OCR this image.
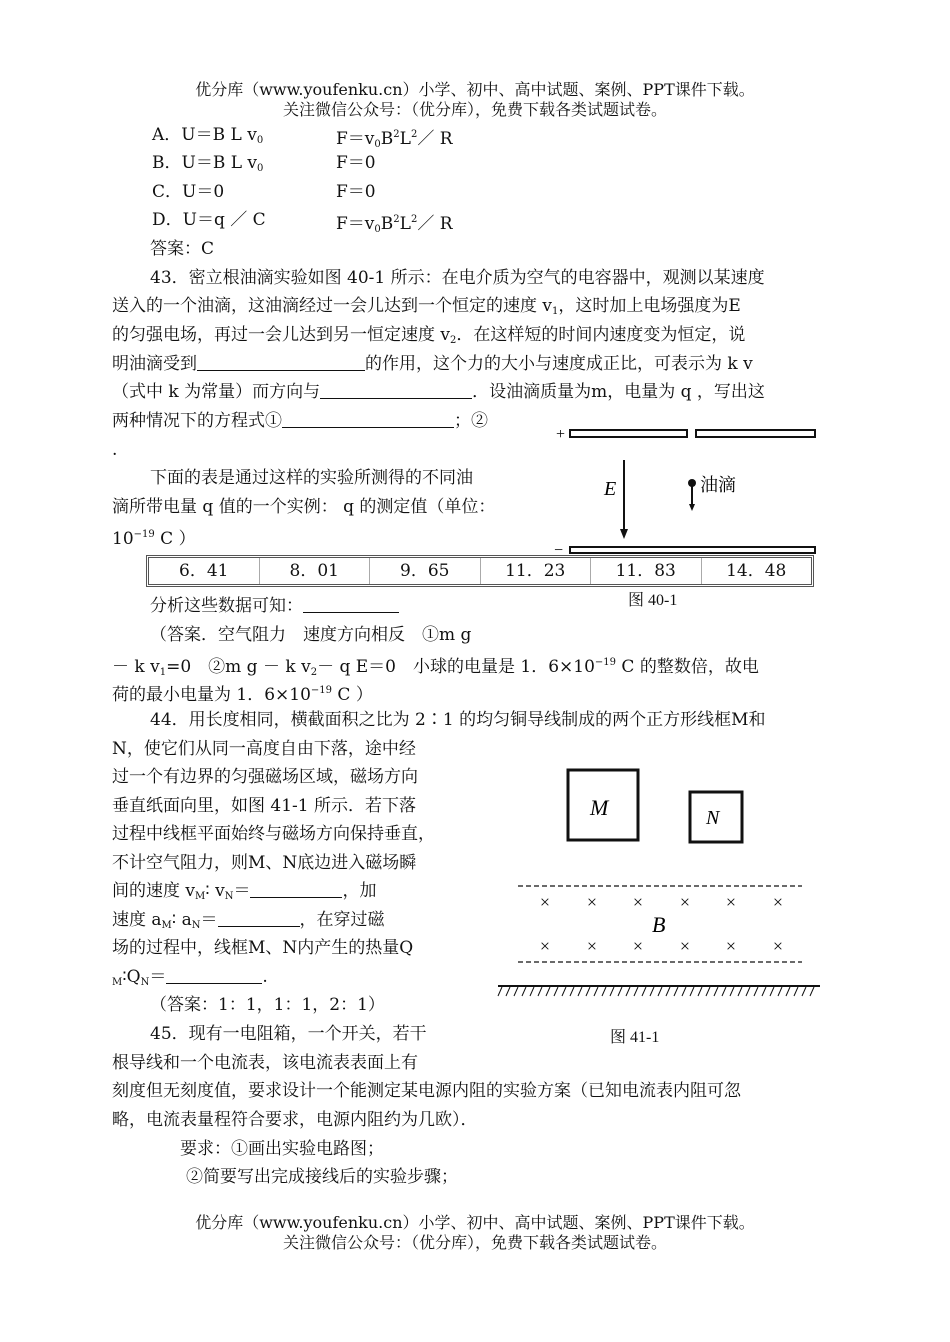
优分库（www.youfenku.cn）小学、初中、高中试题、案例、PPT课件下载。
关注微信公众号：（优分库），免费下载各类试题试卷。
A．U＝B L $v_0$	$F=v_0B^2L^2/$ R
B．U＝B L $v_0$	F＝0
C．U＝0	F＝0
D．U＝q ／ C	$F=v_0B^2L^2/$ R
答案：C
43．密立根油滴实验如图 40-1 所示：在电介质为空气的电容器中，观测以某速度
送入的一个油滴，这油滴经过一会儿达到一个恒定的速度 $v_1$，这时加上电场强度为E
的匀强电场，再过一会儿达到另一恒定速度 $v_2$．在这样短的时间内速度变为恒定，说
明油滴受到	的作用，这个力的大小与速度成正比，可表示为 k v
（式中 k 为常量）而方向与	．设油滴质量为m，电量为 q ，写出这
两种情况下的方程式①	；②
.
下面的表是通过这样的实验所测得的不同油
滴所带电量 q 值的一个实例： q 的测定值（单位：
$10^{-19}$ C ）
+
−
E	油滴
6．41	8．01	9．65	11．23	11．83	14．48
分析这些数据可知：	图 40-1
（答案．空气阻力　速度方向相反　①m g
－ k $v_1=0$　②m g － k $v_2- q$ E＝0　小球的电量是 1．$6\times 10^{-19}$ C 的整数倍，故电
荷的最小电量为 1．$6\times 10^{-19}$ C ）
44．用长度相同，横截面积之比为 2∶1 的均匀铜导线制成的两个正方形线框M和
N，使它们从同一高度自由下落，途中经
过一个有边界的匀强磁场区域，磁场方向
垂直纸面向里，如图 41-1 所示．若下落
过程中线框平面始终与磁场方向保持垂直，
不计空气阻力，则M、N底边进入磁场瞬
间的速度 $v_M∶$ $v_N=$	，加
速度 $a_M∶$ $a_N=$	，在穿过磁
场的过程中，线框M、N内产生的热量Q
$_M∶Q_N=$	.
（答案：1：1，1：1，2：1）
M	N
× × × × × ×
× × × × × ×
B
图 41-1
45．现有一电阻箱，一个开关，若干
根导线和一个电流表，该电流表表面上有
刻度但无刻度值，要求设计一个能测定某电源内阻的实验方案（已知电流表内阻可忽
略，电流表量程符合要求，电源内阻约为几欧）．
要求：①画出实验电路图；
②简要写出完成接线后的实验步骤；
优分库（www.youfenku.cn）小学、初中、高中试题、案例、PPT课件下载。
关注微信公众号：（优分库），免费下载各类试题试卷。
